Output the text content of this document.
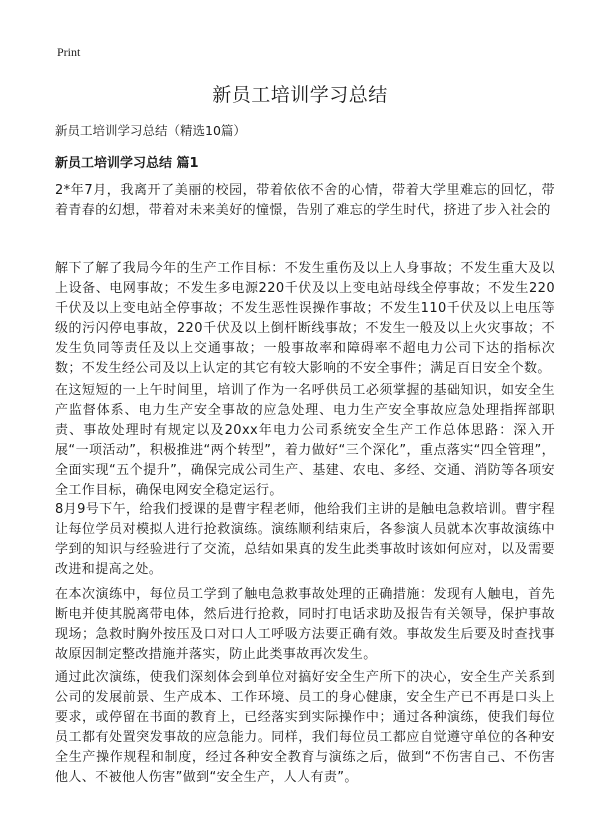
Print
新员工培训学习总结

新员工培训学习总结（精选10篇）

新员工培训学习总结 篇1

2*年7月，我离开了美丽的校园，带着依依不舍的心情，带着大学里难忘的回忆，带着青春的幻想，带着对未来美好的憧憬，告别了难忘的学生时代，挤进了步入社会的

解下了解了我局今年的生产工作目标：不发生重伤及以上人身事故；不发生重大及以上设备、电网事故；不发生多电源220千伏及以上变电站母线全停事故；不发生220千伏及以上变电站全停事故；不发生恶性误操作事故；不发生110千伏及以上电压等级的污闪停电事故，220千伏及以上倒杆断线事故；不发生一般及以上火灾事故；不发生负同等责任及以上交通事故；一般事故率和障碍率不超电力公司下达的指标次数；不发生经公司及以上认定的其它有较大影响的不安全事件；满足百日安全个数。

在这短短的一上午时间里，培训了作为一名呼供员工必须掌握的基础知识，如安全生产监督体系、电力生产安全事故的应急处理、电力生产安全事故应急处理指挥部职责、事故处理时有规定以及20xx年电力公司系统安全生产工作总体思路：深入开展“一项活动”，积极推进“两个转型”，着力做好“三个深化”，重点落实“四全管理”，全面实现“五个提升”，确保完成公司生产、基建、农电、多经、交通、消防等各项安全工作目标，确保电网安全稳定运行。

8月9号下午，给我们授课的是曹宇程老师，他给我们主讲的是触电急救培训。曹宇程让每位学员对模拟人进行抢救演练。演练顺利结束后，各参演人员就本次事故演练中学到的知识与经验进行了交流，总结如果真的发生此类事故时该如何应对，以及需要改进和提高之处。

在本次演练中，每位员工学到了触电急救事故处理的正确措施：发现有人触电，首先断电并使其脱离带电体，然后进行抢救，同时打电话求助及报告有关领导，保护事故现场；急救时胸外按压及口对口人工呼吸方法要正确有效。事故发生后要及时查找事故原因制定整改措施并落实，防止此类事故再次发生。

通过此次演练，使我们深刻体会到单位对搞好安全生产所下的决心，安全生产关系到公司的发展前景、生产成本、工作环境、员工的身心健康，安全生产已不再是口头上要求，或停留在书面的教育上，已经落实到实际操作中；通过各种演练，使我们每位员工都有处置突发事故的应急能力。同样，我们每位员工都应自觉遵守单位的各种安全生产操作规程和制度，经过各种安全教育与演练之后，做到“不伤害自己、不伤害他人、不被他人伤害”做到“安全生产，人人有责”。
